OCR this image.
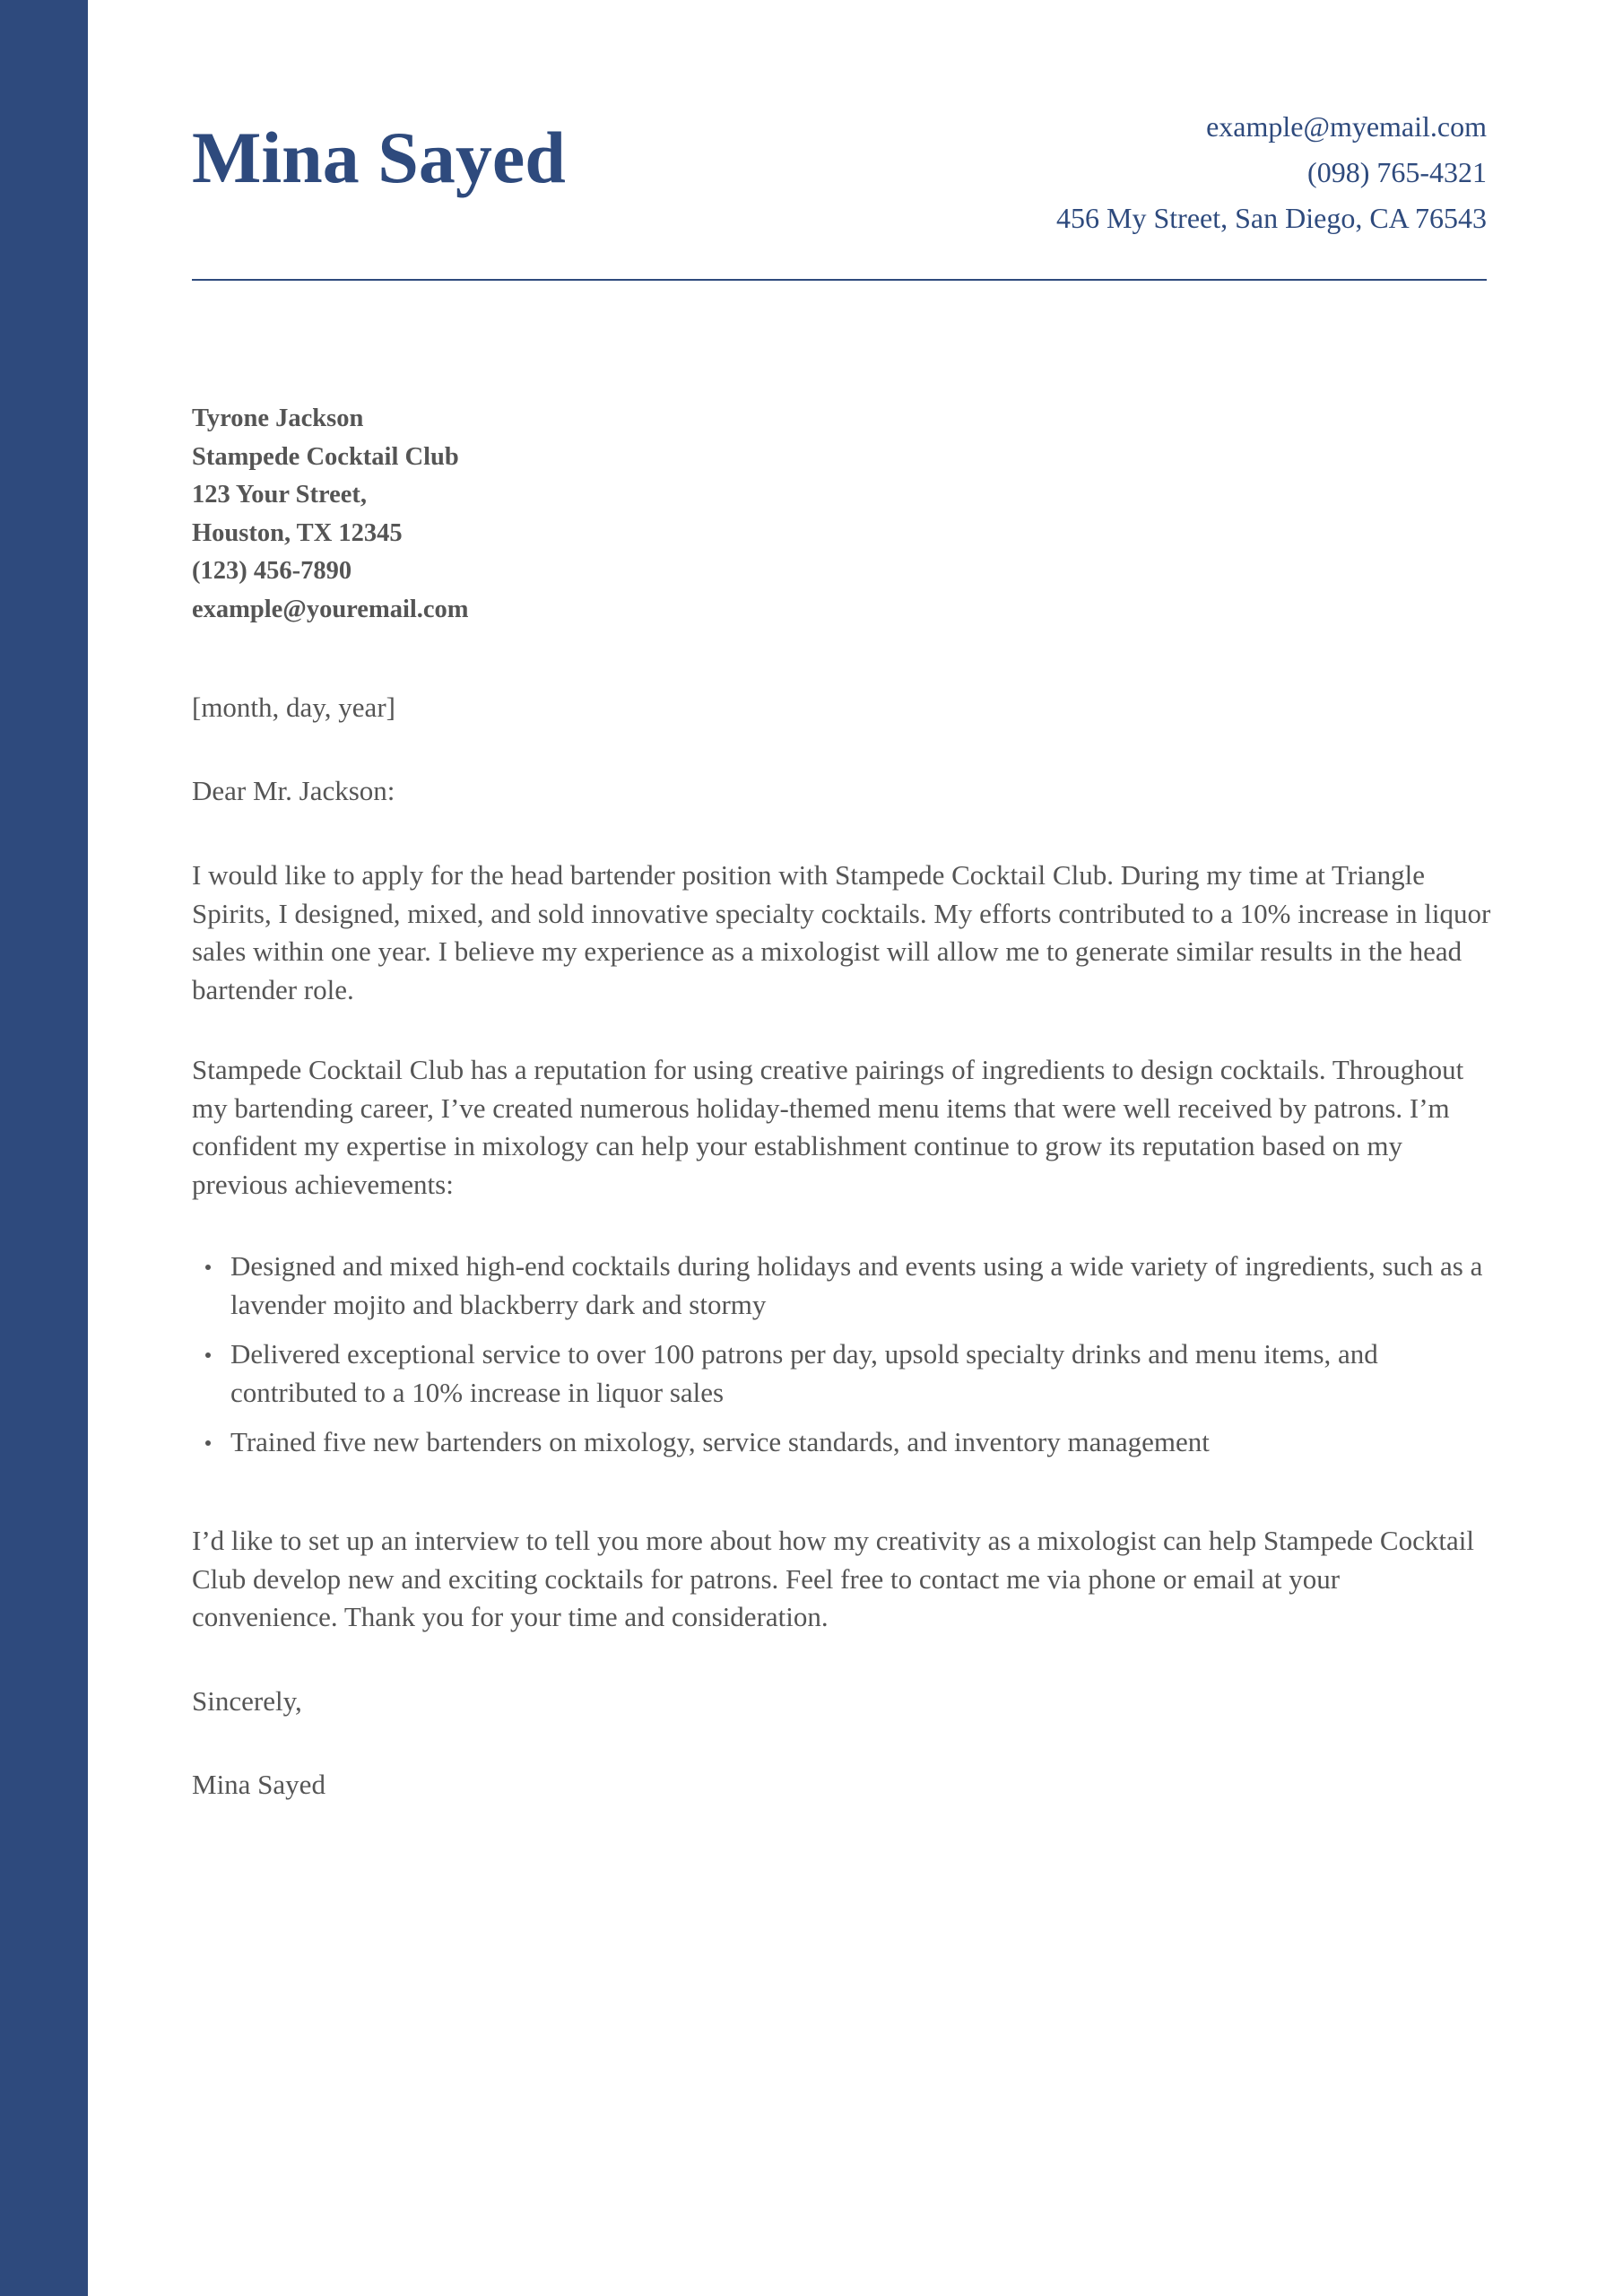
Mina Sayed	example@myemail.com
(098) 765-4321
456 My Street, San Diego, CA 76543
Tyrone Jackson
Stampede Cocktail Club
123 Your Street,
Houston, TX 12345
(123) 456-7890
example@youremail.com
[month, day, year]
Dear Mr. Jackson:

I would like to apply for the head bartender position with Stampede Cocktail Club. During my time at Triangle Spirits, I designed, mixed, and sold innovative specialty cocktails. My efforts contributed to a 10% increase in liquor sales within one year. I believe my experience as a mixologist will allow me to generate similar results in the head bartender role.

Stampede Cocktail Club has a reputation for using creative pairings of ingredients to design cocktails. Throughout my bartending career, I’ve created numerous holiday-themed menu items that were well received by patrons. I’m confident my expertise in mixology can help your establishment continue to grow its reputation based on my previous achievements:

Designed and mixed high-end cocktails during holidays and events using a wide variety of ingredients, such as a lavender mojito and blackberry dark and stormy
Delivered exceptional service to over 100 patrons per day, upsold specialty drinks and menu items, and contributed to a 10% increase in liquor sales
Trained five new bartenders on mixology, service standards, and inventory management

I’d like to set up an interview to tell you more about how my creativity as a mixologist can help Stampede Cocktail Club develop new and exciting cocktails for patrons. Feel free to contact me via phone or email at your convenience. Thank you for your time and consideration.

Sincerely,
Mina Sayed
